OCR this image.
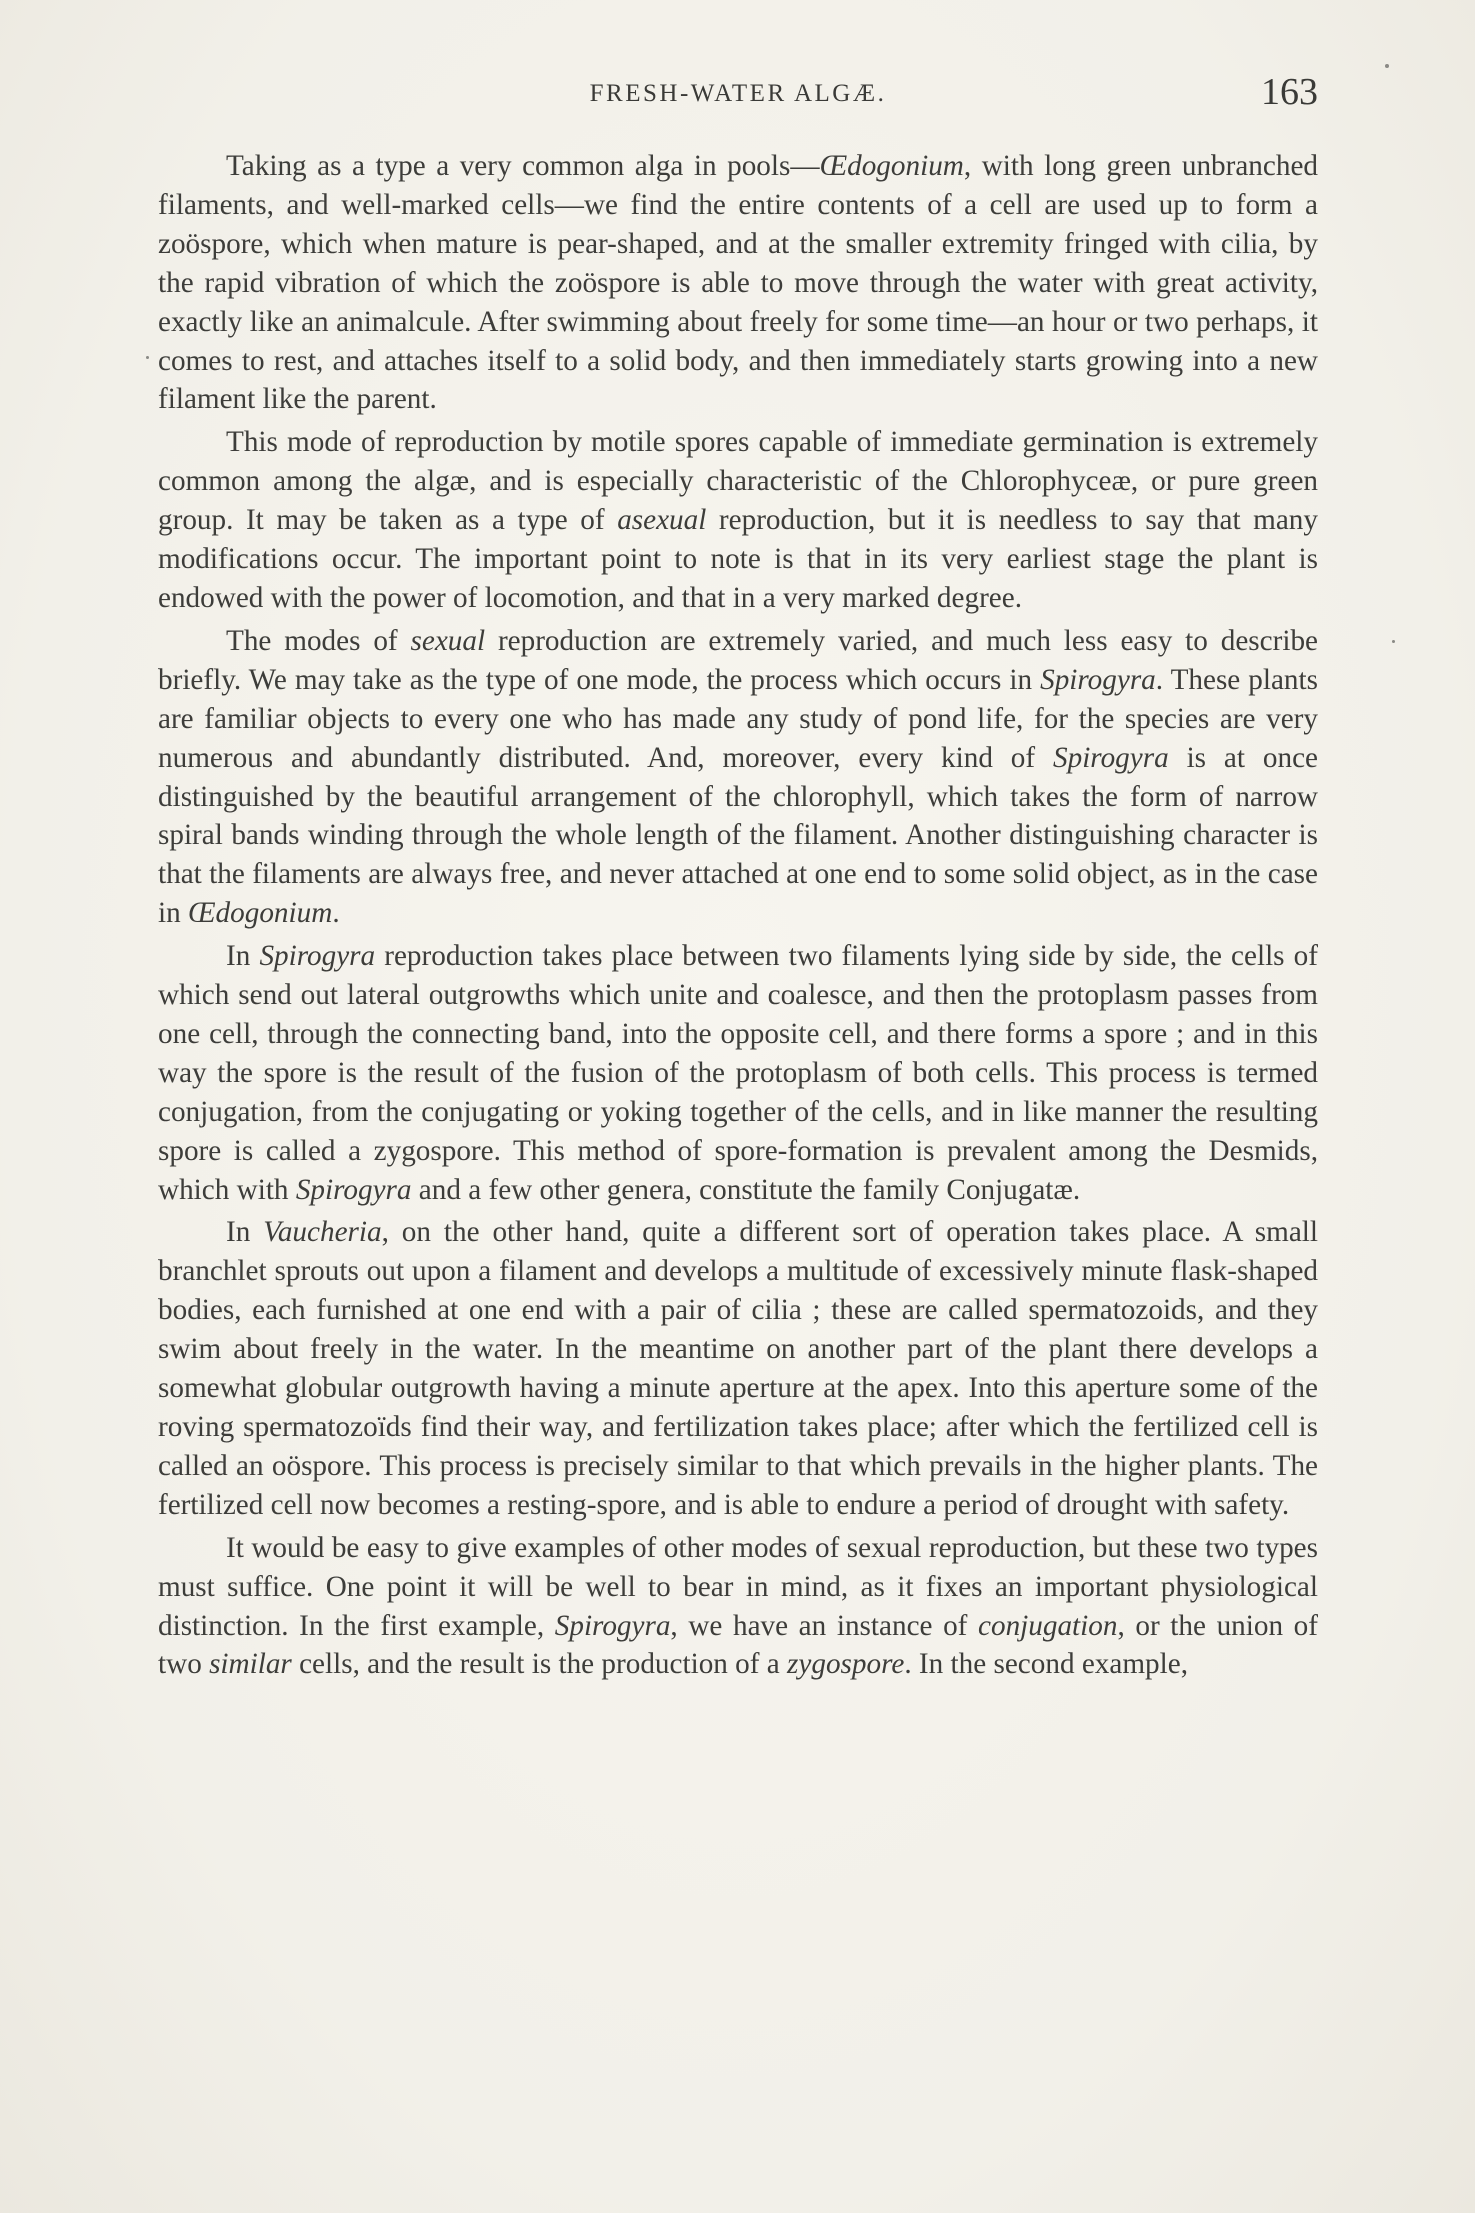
FRESH-WATER ALGÆ.	163

Taking as a type a very common alga in pools—Œdogonium, with long green unbranched filaments, and well-marked cells—we find the entire contents of a cell are used up to form a zoöspore, which when mature is pear-shaped, and at the smaller extremity fringed with cilia, by the rapid vibration of which the zoöspore is able to move through the water with great activity, exactly like an animalcule. After swimming about freely for some time—an hour or two perhaps, it comes to rest, and attaches itself to a solid body, and then immediately starts growing into a new filament like the parent.

This mode of reproduction by motile spores capable of immediate germination is extremely common among the algæ, and is especially characteristic of the Chlorophyceæ, or pure green group. It may be taken as a type of asexual reproduction, but it is needless to say that many modifications occur. The important point to note is that in its very earliest stage the plant is endowed with the power of locomotion, and that in a very marked degree.

The modes of sexual reproduction are extremely varied, and much less easy to describe briefly. We may take as the type of one mode, the process which occurs in Spirogyra. These plants are familiar objects to every one who has made any study of pond life, for the species are very numerous and abundantly distributed. And, moreover, every kind of Spirogyra is at once distinguished by the beautiful arrangement of the chlorophyll, which takes the form of narrow spiral bands winding through the whole length of the filament. Another distinguishing character is that the filaments are always free, and never attached at one end to some solid object, as in the case in Œdogonium.

In Spirogyra reproduction takes place between two filaments lying side by side, the cells of which send out lateral outgrowths which unite and coalesce, and then the protoplasm passes from one cell, through the connecting band, into the opposite cell, and there forms a spore ; and in this way the spore is the result of the fusion of the protoplasm of both cells. This process is termed conjugation, from the conjugating or yoking together of the cells, and in like manner the resulting spore is called a zygospore. This method of spore-formation is prevalent among the Desmids, which with Spirogyra and a few other genera, constitute the family Conjugatæ.

In Vaucheria, on the other hand, quite a different sort of operation takes place. A small branchlet sprouts out upon a filament and develops a multitude of excessively minute flask-shaped bodies, each furnished at one end with a pair of cilia ; these are called spermatozoids, and they swim about freely in the water. In the meantime on another part of the plant there develops a somewhat globular outgrowth having a minute aperture at the apex. Into this aperture some of the roving spermatozoïds find their way, and fertilization takes place; after which the fertilized cell is called an oöspore. This process is precisely similar to that which prevails in the higher plants. The fertilized cell now becomes a resting-spore, and is able to endure a period of drought with safety.

It would be easy to give examples of other modes of sexual reproduction, but these two types must suffice. One point it will be well to bear in mind, as it fixes an important physiological distinction. In the first example, Spirogyra, we have an instance of conjugation, or the union of two similar cells, and the result is the production of a zygospore. In the second example,
